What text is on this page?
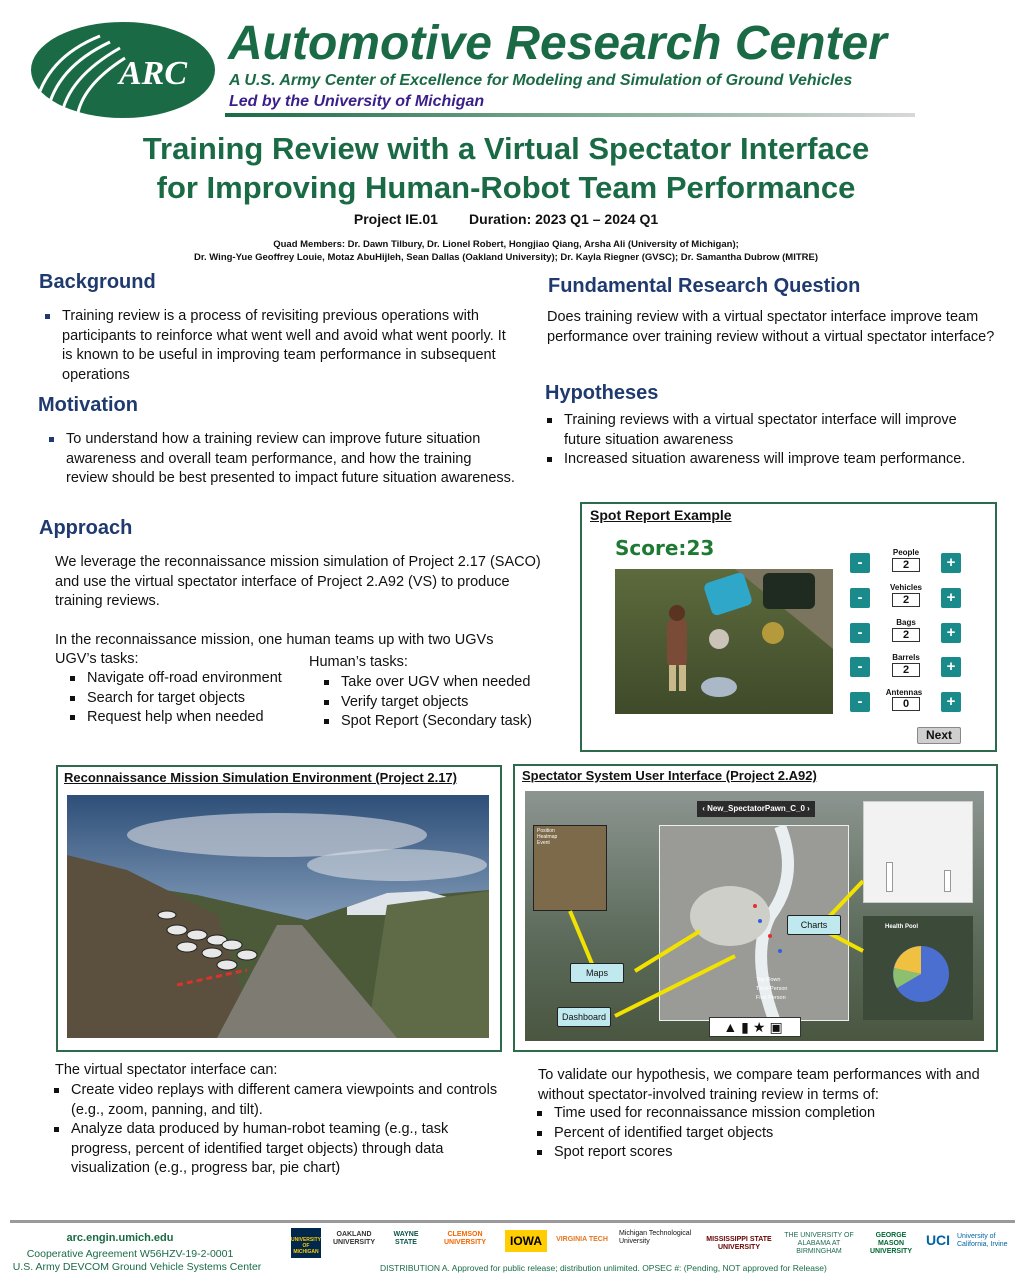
ARC
Automotive Research Center
A U.S. Army Center of Excellence for Modeling and Simulation of Ground Vehicles
Led by the University of Michigan
Training Review with a Virtual Spectator Interface
for Improving Human-Robot Team Performance
Project IE.01        Duration: 2023 Q1 – 2024 Q1
Quad Members: Dr. Dawn Tilbury, Dr. Lionel Robert, Hongjiao Qiang, Arsha Ali (University of Michigan);
Dr. Wing-Yue Geoffrey Louie, Motaz AbuHijleh, Sean Dallas (Oakland University); Dr. Kayla Riegner (GVSC); Dr. Samantha Dubrow (MITRE)
Background
Training review is a process of revisiting previous operations with participants to reinforce what went well and avoid what went poorly. It is known to be useful in improving team performance in subsequent operations
Motivation
To understand how a training review can improve future situation awareness and overall team performance, and how the training review should be best presented to impact future situation awareness.
Approach
We leverage the reconnaissance mission simulation of Project 2.17 (SACO) and use the virtual spectator interface of Project 2.A92 (VS) to produce training reviews.
In the reconnaissance mission, one human teams up with two UGVs
UGV’s tasks:
Navigate off-road environment
Search for target objects
Request help when needed
Human’s tasks:
Take over UGV when needed
Verify target objects
Spot Report (Secondary task)
Fundamental Research Question
Does training review with a virtual spectator interface improve team performance over training review without a virtual spectator interface?
Hypotheses
Training reviews with a virtual spectator interface will improve future situation awareness
Increased situation awareness will improve team performance.
Spot Report Example
Score:23	People
-	2	+
Vehicles
-	2	+
Bags
-	2	+
Barrels
-	2	+
Antennas
-	0	+
Next
Reconnaissance Mission Simulation Environment (Project 2.17)	Spectator System User Interface (Project 2.A92)
‹ New_SpectatorPawn_C_0 ›
Position
Heatmap
Event
Top Down
Third Person
First Person
Health Pool
Maps
Dashboard
Charts
▲▮★▣
The virtual spectator interface can:
Create video replays with different camera viewpoints and controls (e.g., zoom, panning, and tilt).
Analyze data produced by human-robot teaming (e.g., task progress, percent of identified target objects) through data visualization (e.g., progress bar, pie chart)
To validate our hypothesis, we compare team performances with and without spectator-involved training review in terms of:
Time used for reconnaissance mission completion
Percent of identified target objects
Spot report scores
arc.engin.umich.edu
Cooperative Agreement W56HZV-19-2-0001
U.S. Army DEVCOM Ground Vehicle Systems Center	DISTRIBUTION A. Approved for public release; distribution unlimited. OPSEC #: (Pending, NOT approved for Release)
UNIVERSITY OF MICHIGAN
OAKLAND UNIVERSITY
WAYNE STATE
CLEMSON UNIVERSITY	IOWA	VIRGINIA TECH
Michigan Technological University	MISSISSIPPI STATE UNIVERSITY
THE UNIVERSITY OF ALABAMA AT BIRMINGHAM
GEORGE MASON UNIVERSITY
UCI University of California, Irvine
